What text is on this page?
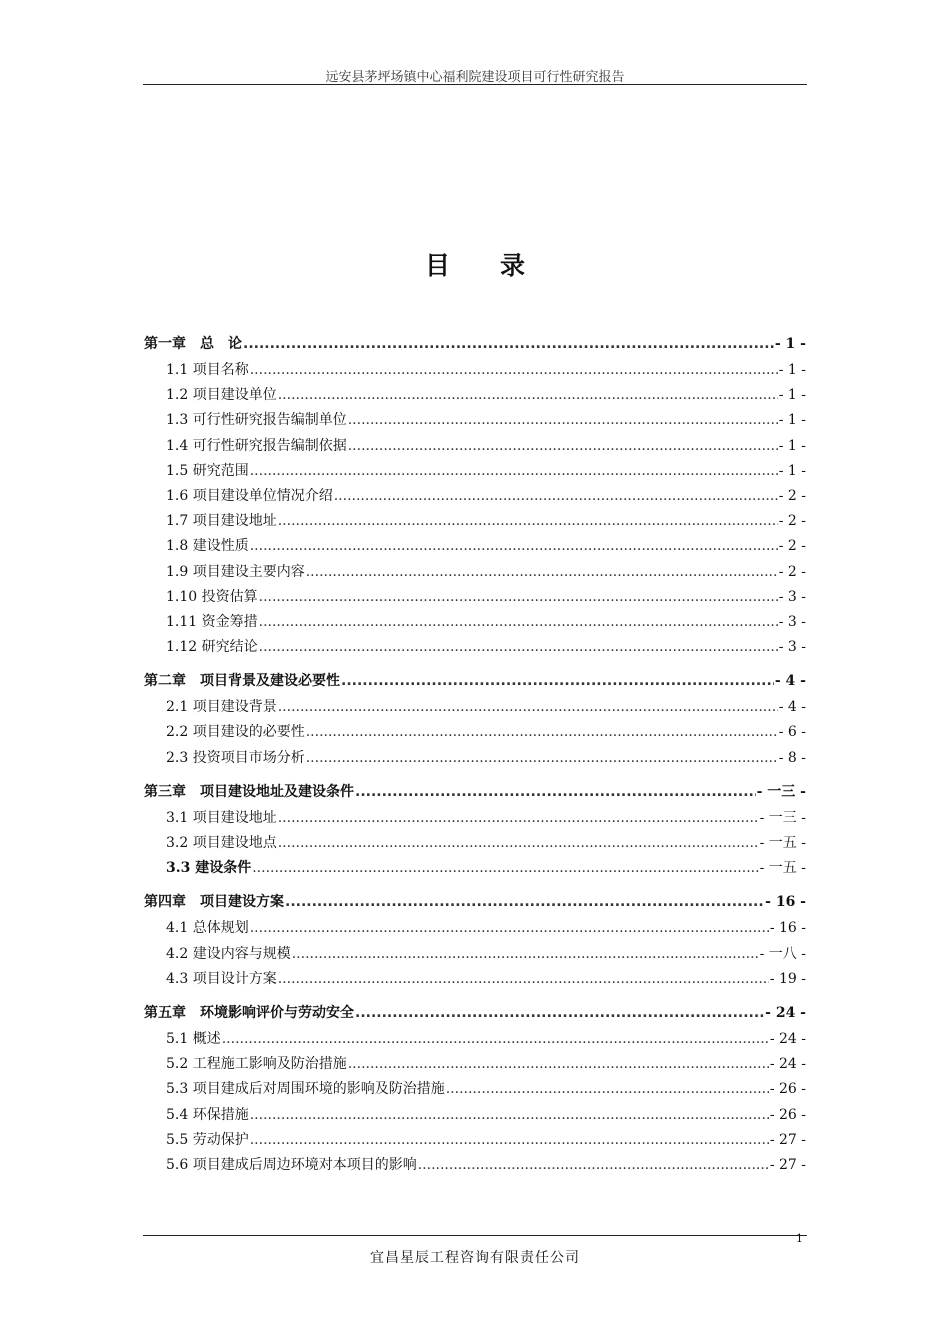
远安县茅坪场镇中心福利院建设项目可行性研究报告
目录
第一章　总　论 .....	- 1 -
1.1 项目名称 .....	- 1 -
1.2 项目建设单位 .....	- 1 -
1.3 可行性研究报告编制单位 .....	- 1 -
1.4 可行性研究报告编制依据 .....	- 1 -
1.5 研究范围 .....	- 1 -
1.6 项目建设单位情况介绍 .....	- 2 -
1.7 项目建设地址 .....	- 2 -
1.8 建设性质 .....	- 2 -
1.9 项目建设主要内容 .....	- 2 -
1.10 投资估算 .....	- 3 -
1.11 资金筹措 .....	- 3 -
1.12 研究结论 .....	- 3 -
第二章　项目背景及建设必要性 .....	- 4 -
2.1 项目建设背景 .....	- 4 -
2.2 项目建设的必要性 .....	- 6 -
2.3 投资项目市场分析 .....	- 8 -
第三章　项目建设地址及建设条件 .....	- 一三 -
3.1 项目建设地址 .....	- 一三 -
3.2 项目建设地点 .....	- 一五 -
3.3 建设条件 .....	- 一五 -
第四章　项目建设方案 .....	- 16 -
4.1 总体规划 .....	- 16 -
4.2 建设内容与规模 .....	- 一八 -
4.3 项目设计方案 .....	- 19 -
第五章　环境影响评价与劳动安全 .....	- 24 -
5.1 概述 .....	- 24 -
5.2 工程施工影响及防治措施 .....	- 24 -
5.3 项目建成后对周围环境的影响及防治措施 .....	- 26 -
5.4 环保措施 .....	- 26 -
5.5 劳动保护 .....	- 27 -
5.6 项目建成后周边环境对本项目的影响 .....	- 27 -
1
宜昌星辰工程咨询有限责任公司
